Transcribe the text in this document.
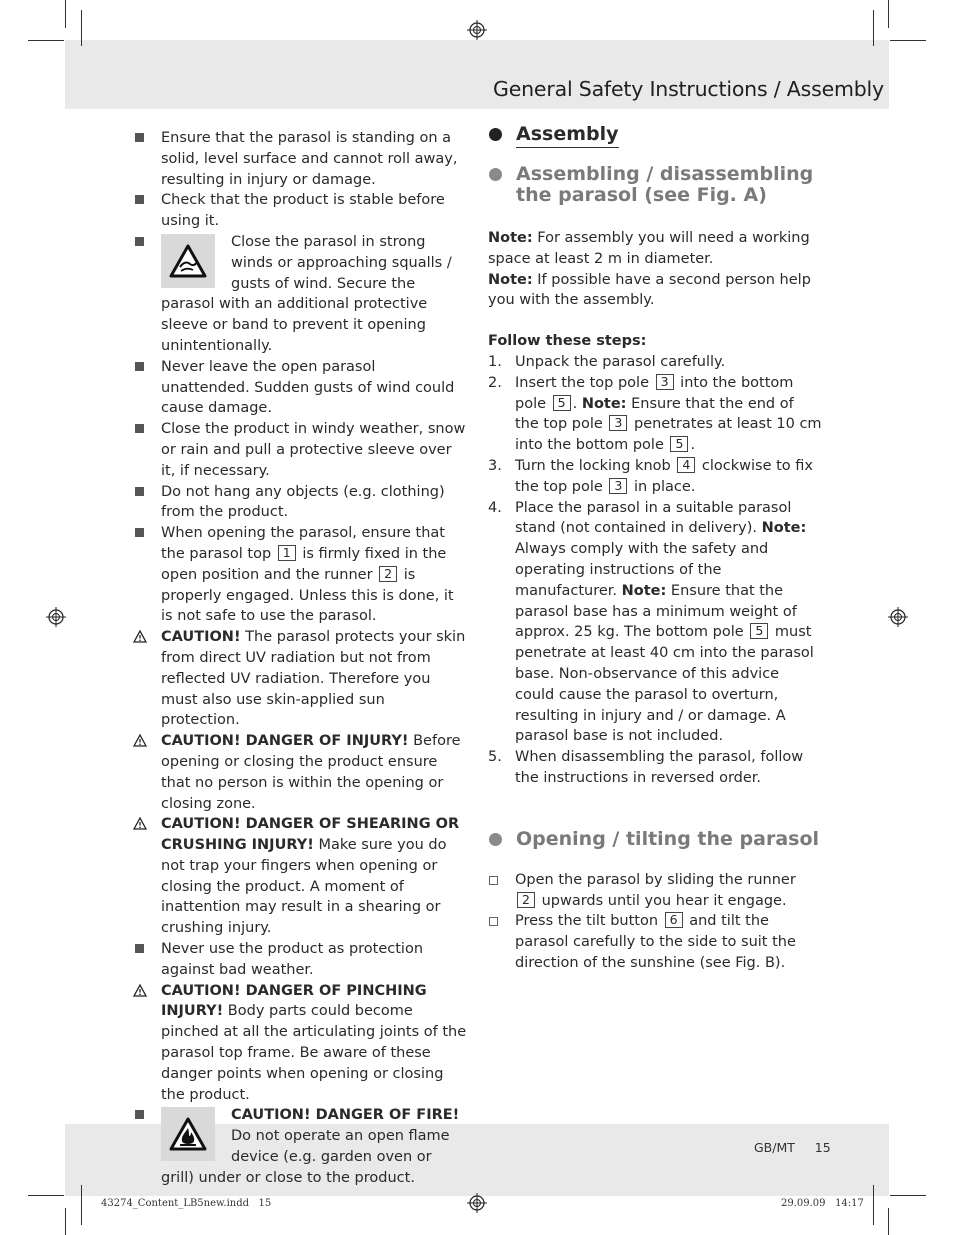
General Safety Instructions / Assembly
Ensure that the parasol is standing on a solid, level surface and cannot roll away, resulting in injury or damage.
Check that the product is stable before using it.
Close the parasol in strong winds or approaching squalls / gusts of wind. Secure the parasol with an additional protective sleeve or band to prevent it opening unintentionally.
Never leave the open parasol unattended. Sudden gusts of wind could cause damage.
Close the product in windy weather, snow or rain and pull a protective sleeve over it, if necessary.
Do not hang any objects (e.g. clothing) from the product.
When opening the parasol, ensure that the parasol top 1 is firmly fixed in the open position and the runner 2 is properly engaged. Unless this is done, it is not safe to use the parasol.
CAUTION! The parasol protects your skin from direct UV radiation but not from reflected UV radiation. Therefore you must also use skin-applied sun protection.
CAUTION! DANGER OF INJURY! Before opening or closing the product ensure that no person is within the opening or closing zone.
CAUTION! DANGER OF SHEARING OR CRUSHING INJURY! Make sure you do not trap your fingers when opening or closing the product. A moment of inattention may result in a shearing or crushing injury.
Never use the product as protection against bad weather.
CAUTION! DANGER OF PINCHING INJURY! Body parts could become pinched at all the articulating joints of the parasol top frame. Be aware of these danger points when opening or closing the product.
CAUTION! DANGER OF FIRE!
Do not operate an open flame device (e.g. garden oven or grill) under or close to the product.
Assembly
Assembling / disassembling the parasol (see Fig. A)
Note: For assembly you will need a working space at least 2 m in diameter.
Note: If possible have a second person help you with the assembly.
Follow these steps:
1. Unpack the parasol carefully.
2. Insert the top pole 3 into the bottom pole 5 . Note: Ensure that the end of the top pole 3 penetrates at least 10 cm into the bottom pole 5 .
3. Turn the locking knob 4 clockwise to fix the top pole 3 in place.
4. Place the parasol in a suitable parasol stand (not contained in delivery). Note: Always comply with the safety and operating instructions of the manufacturer. Note: Ensure that the parasol base has a minimum weight of approx. 25 kg. The bottom pole 5 must penetrate at least 40 cm into the parasol base. Non-observance of this advice could cause the parasol to overturn, resulting in injury and / or damage. A parasol base is not included.
5. When disassembling the parasol, follow the instructions in reversed order.
Opening / tilting the parasol
Open the parasol by sliding the runner 2 upwards until you hear it engage.
Press the tilt button 6 and tilt the parasol carefully to the side to suit the direction of the sunshine (see Fig. B).
GB/MT     15
43274_Content_LB5new.indd   15	29.09.09   14:17
